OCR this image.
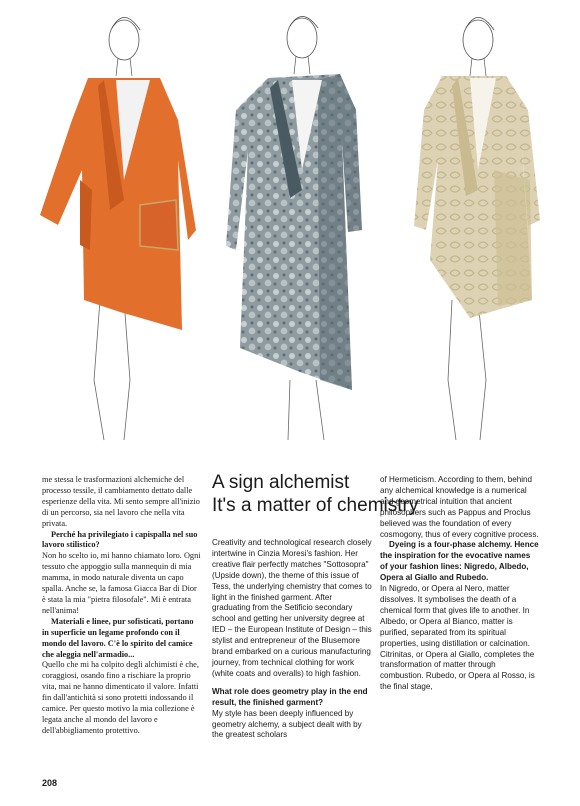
me stessa le trasformazioni alchemiche del processo tessile, il cambiamento dettato dalle esperienze della vita. Mi sento sempre all'inizio di un percorso, sia nel lavoro che nella vita privata.

Perché ha privilegiato i capispalla nel suo lavoro stilistico?

Non ho scelto io, mi hanno chiamato loro. Ogni tessuto che appoggio sulla mannequin di mia mamma, in modo naturale diventa un capo spalla. Anche se, la famosa Giacca Bar di Dior è stata la mia "pietra filosofale". Mi è entrata nell'anima!

Materiali e linee, pur sofisticati, portano in superficie un legame profondo con il mondo del lavoro. C'è lo spirito del camice che aleggia nell'armadio...

Quello che mi ha colpito degli alchimisti è che, coraggiosi, osando fino a rischiare la proprio vita, mai ne hanno dimenticato il valore. Infatti fin dall'antichità si sono protetti indossando il camice. Per questo motivo la mia collezione è legata anche al mondo del lavoro e dell'abbigliamento protettivo.

A sign alchemist
It's a matter of chemistry

Creativity and technological research closely intertwine in Cinzia Moresi's fashion. Her creative flair perfectly matches "Sottosopra" (Upside down), the theme of this issue of Tess, the underlying chemistry that comes to light in the finished garment. After graduating from the Setificio secondary school and getting her university degree at IED – the European Institute of Design – this stylist and entrepreneur of the Blusemore brand embarked on a curious manufacturing journey, from technical clothing for work (white coats and overalls) to high fashion.

What role does geometry play in the end result, the finished garment?

My style has been deeply influenced by geometry alchemy, a subject dealt with by the greatest scholars

of Hermeticism. According to them, behind any alchemical knowledge is a numerical and geometrical intuition that ancient philosophers such as Pappus and Proclus believed was the foundation of every cosmogony, thus of every cognitive process.

Dyeing is a four-phase alchemy. Hence the inspiration for the evocative names of your fashion lines: Nigredo, Albedo, Opera al Giallo and Rubedo.

In Nigredo, or Opera al Nero, matter dissolves. It symbolises the death of a chemical form that gives life to another. In Albedo, or Opera al Bianco, matter is purified, separated from its spiritual properties, using distillation or calcination. Citrinitas, or Opera al Giallo, completes the transformation of matter through combustion. Rubedo, or Opera al Rosso, is the final stage,

208
